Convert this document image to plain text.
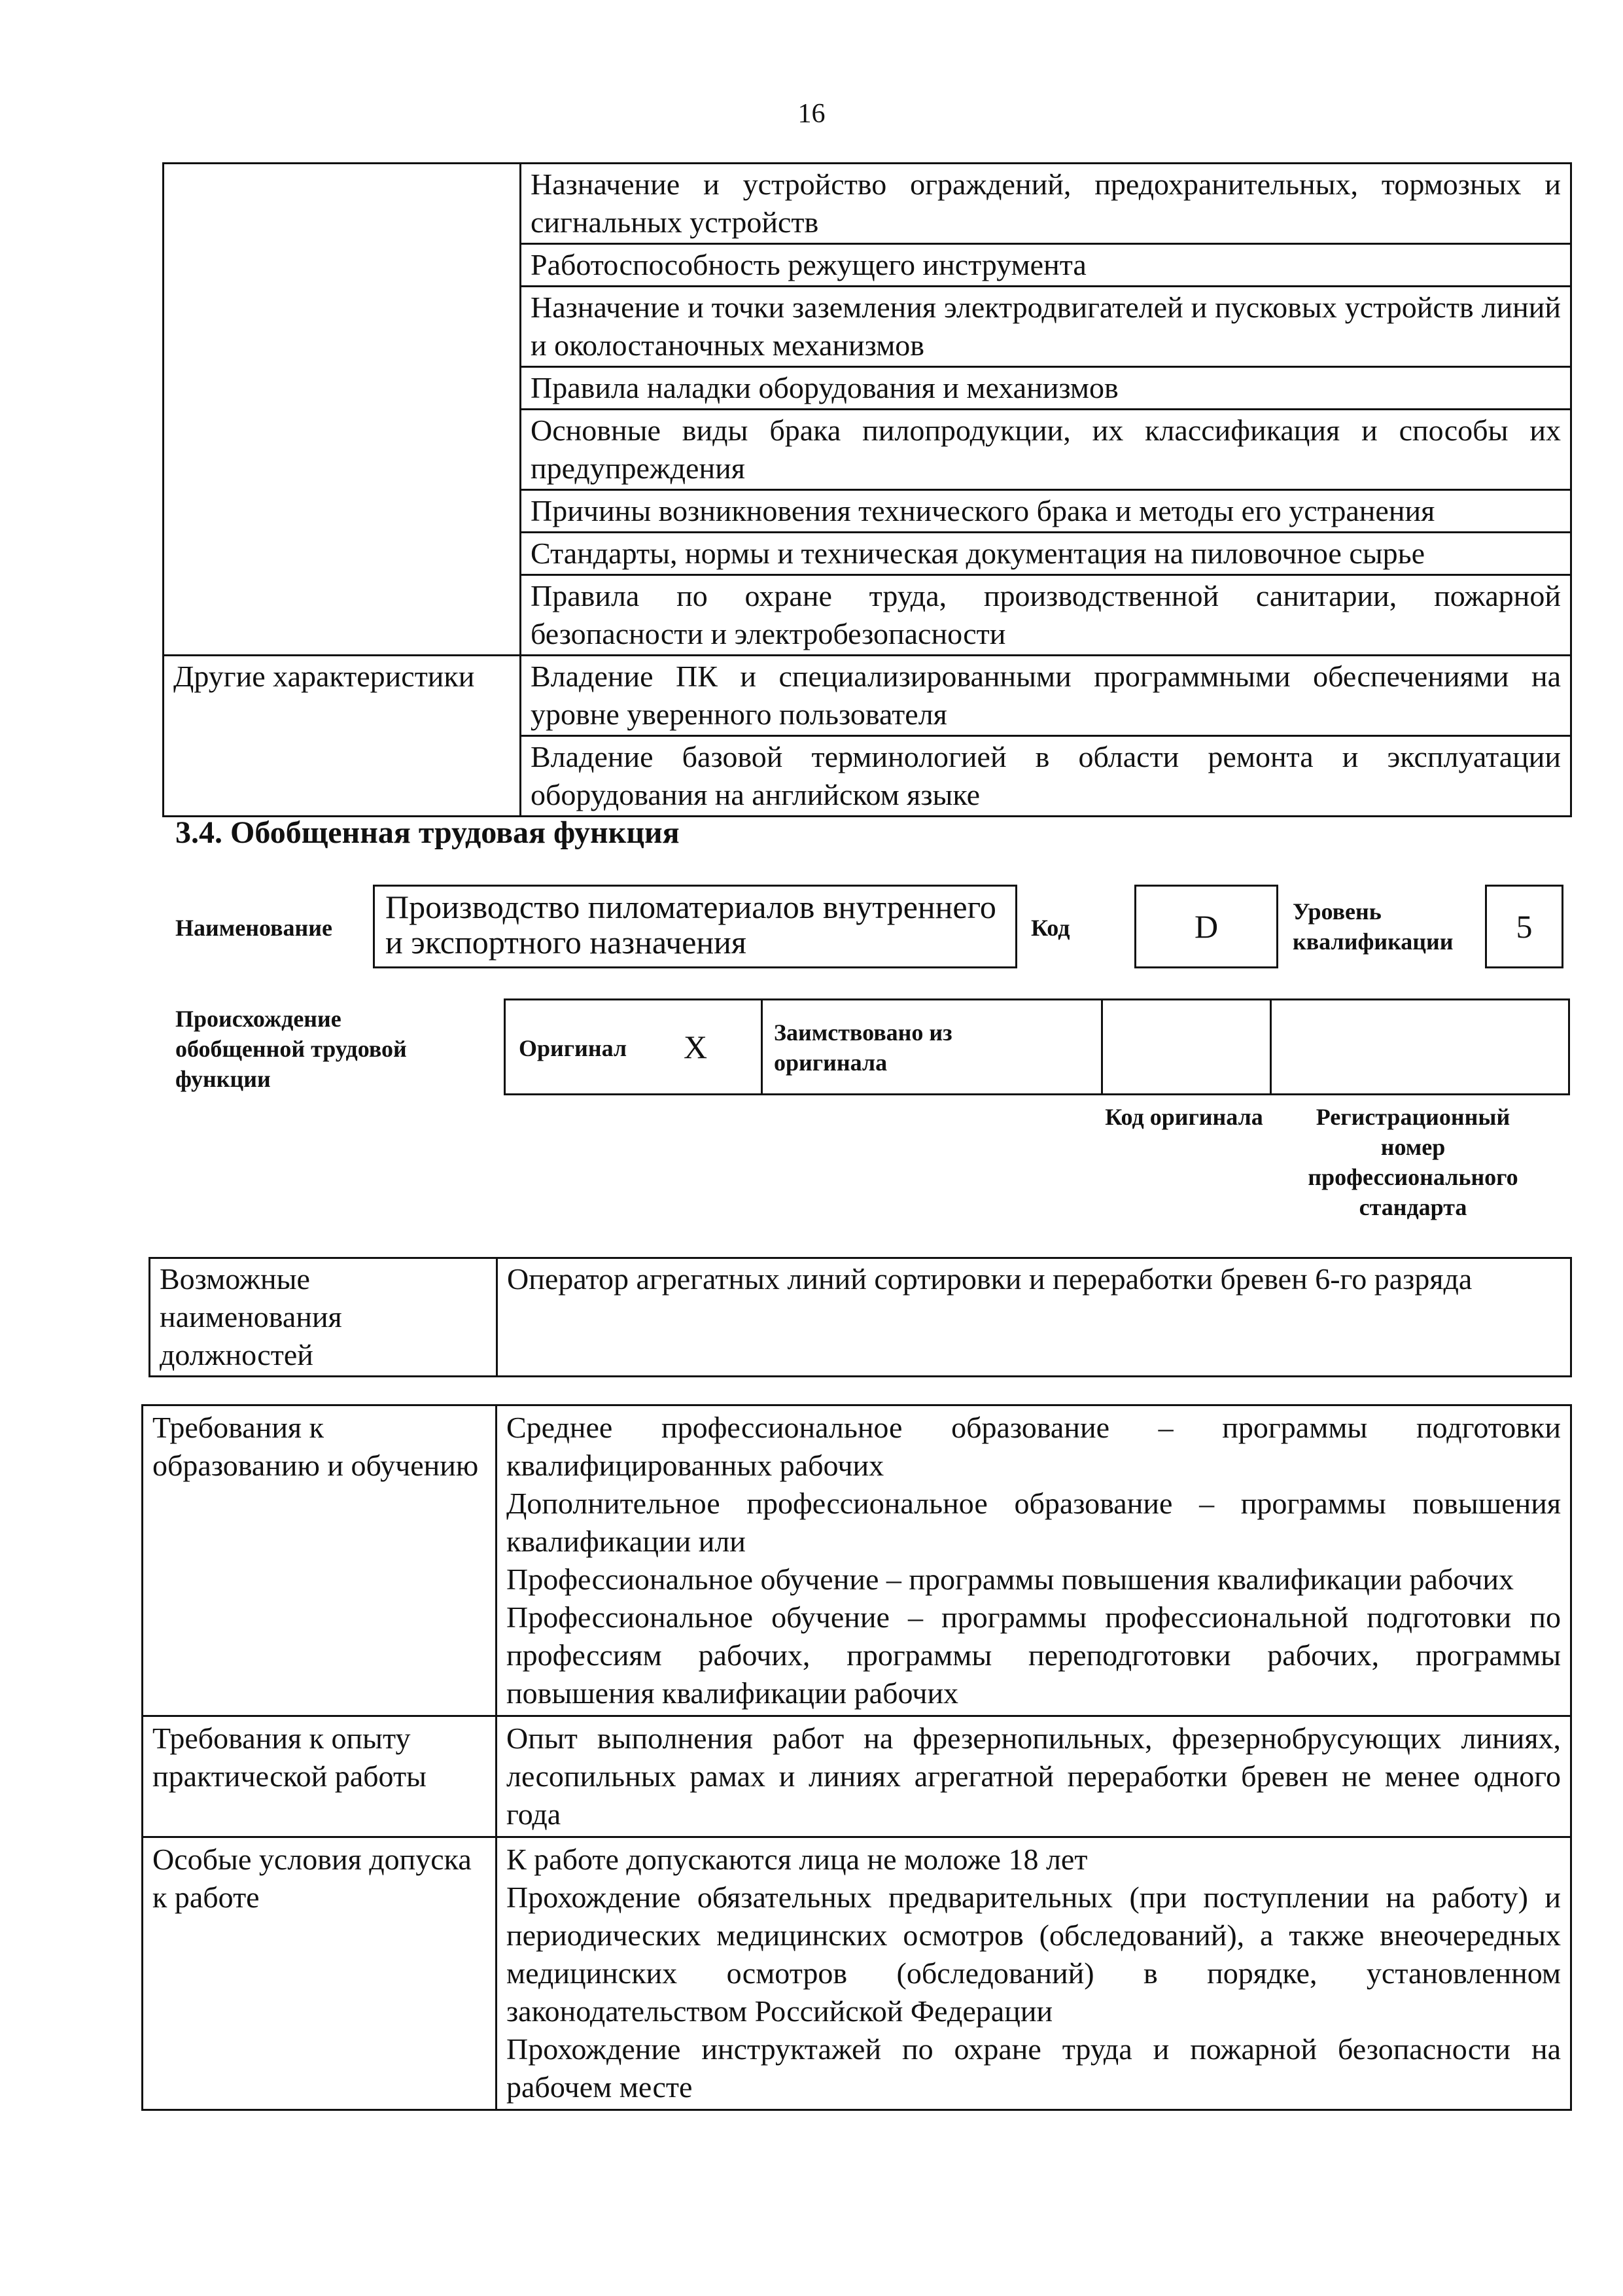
16
	Назначение и устройство ограждений, предохранительных, тормозных и сигнальных устройств
	Работоспособность режущего инструмента
	Назначение и точки заземления электродвигателей и пусковых устройств линий и околостаночных механизмов
	Правила наладки оборудования и механизмов
	Основные виды брака пилопродукции, их классификация и способы их предупреждения
	Причины возникновения технического брака и методы его устранения
	Стандарты, нормы и техническая документация на пиловочное сырье
	Правила по охране труда, производственной санитарии, пожарной безопасности и электробезопасности
Другие характеристики	Владение ПК и специализированными программными обеспечениями на уровне уверенного пользователя
	Владение базовой терминологией в области ремонта и эксплуатации оборудования на английском языке
3.4. Обобщенная трудовая функция
Наименование
Производство пиломатериалов внутреннего и экспортного назначения	Код	D	Уровень квалификации	5
Происхождение обобщенной трудовой функции
Оригинал X	Заимствовано из оригинала
Код оригинала	Регистрационный номер профессионального стандарта
Возможные наименования должностей	Оператор агрегатных линий сортировки и переработки бревен 6-го разряда
Требования к образованию и обучению	Среднее профессиональное образование – программы подготовки квалифицированных рабочих
Дополнительное профессиональное образование – программы повышения квалификации или
Профессиональное обучение – программы повышения квалификации рабочих
Профессиональное обучение – программы профессиональной подготовки по профессиям рабочих, программы переподготовки рабочих, программы повышения квалификации рабочих

Требования к опыту практической работы	Опыт выполнения работ на фрезернопильных, фрезернобрусующих линиях, лесопильных рамах и линиях агрегатной переработки бревен не менее одного года

Особые условия допуска к работе	К работе допускаются лица не моложе 18 лет
Прохождение обязательных предварительных (при поступлении на работу) и периодических медицинских осмотров (обследований), а также внеочередных медицинских осмотров (обследований) в порядке, установленном законодательством Российской Федерации
Прохождение инструктажей по охране труда и пожарной безопасности на рабочем месте
